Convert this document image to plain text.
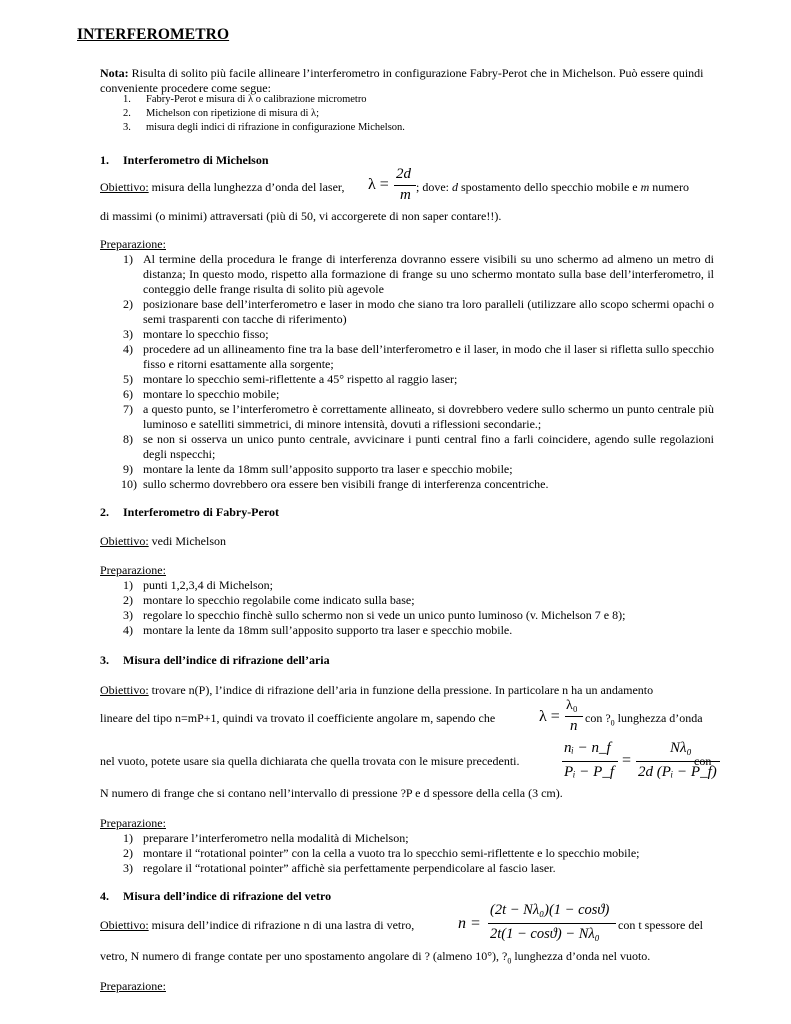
INTERFEROMETRO
Nota: Risulta di solito più facile allineare l’interferometro in configurazione Fabry-Perot che in Michelson. Può essere quindi conveniente procedere come segue:
1. Fabry-Perot e misura di λ o calibrazione micrometro
2. Michelson con ripetizione di misura di λ;
3. misura degli indici di rifrazione in configurazione Michelson.
1. Interferometro di Michelson
Obiettivo: misura della lunghezza d’onda del laser, λ =
2d
m ; dove: d spostamento dello specchio mobile e m numero
di massimi (o minimi) attraversati (più di 50, vi accorgerete di non saper contare!!).
Preparazione:
1) Al termine della procedura le frange di interferenza dovranno essere visibili su uno schermo ad almeno un metro di distanza; In questo modo, rispetto alla formazione di frange su uno schermo montato sulla base dell’interferometro, il conteggio delle frange risulta di solito più agevole
2) posizionare base dell’interferometro e laser in modo che siano tra loro paralleli (utilizzare allo scopo schermi opachi o semi trasparenti con tacche di riferimento)
3) montare lo specchio fisso;
4) procedere ad un allineamento fine tra la base dell’interferometro e il laser, in modo che il laser si rifletta sullo specchio fisso e ritorni esattamente alla sorgente;
5) montare lo specchio semi-riflettente a 45° rispetto al raggio laser;
6) montare lo specchio mobile;
7) a questo punto, se l’interferometro è correttamente allineato, si dovrebbero vedere sullo schermo un punto centrale più luminoso e satelliti simmetrici, di minore intensità, dovuti a riflessioni secondarie.;
8) se non si osserva un unico punto centrale, avvicinare i punti central fino a farli coincidere, agendo sulle regolazioni degli nspecchi;
9) montare la lente da 18mm sull’apposito supporto tra laser e specchio mobile;
10) sullo schermo dovrebbero ora essere ben visibili frange di interferenza concentriche.
2. Interferometro di Fabry-Perot
Obiettivo: vedi Michelson
Preparazione:
1) punti 1,2,3,4 di Michelson;
2) montare lo specchio regolabile come indicato sulla base;
3) regolare lo specchio finchè sullo schermo non si vede un unico punto luminoso (v. Michelson 7 e 8);
4) montare la lente da 18mm sull’apposito supporto tra laser e specchio mobile.
3. Misura dell’indice di rifrazione dell’aria
Obiettivo: trovare n(P), l’indice di rifrazione dell’aria in funzione della pressione. In particolare n ha un andamento
lineare del tipo n=mP+1, quindi va trovato il coefficiente angolare m, sapendo che	λ =
λ₀
n con $?_0$ lunghezza d’onda
nel vuoto, potete usare sia quella dichiarata che quella trovata con le misure precedenti.
nᵢ − n_f
Pᵢ − P_f
=
Nλ₀
2d (Pᵢ − P_f)
con
N numero di frange che si contano nell’intervallo di pressione ?P e d spessore della cella (3 cm).
Preparazione:
1) preparare l’interferometro nella modalità di Michelson;
2) montare il “rotational pointer” con la cella a vuoto tra lo specchio semi-riflettente e lo specchio mobile;
3) regolare il “rotational pointer” affichè sia perfettamente perpendicolare al fascio laser.
4. Misura dell’indice di rifrazione del vetro
Obiettivo: misura dell’indice di rifrazione n di una lastra di vetro,	n =
(2t − Nλ₀)(1 − cosϑ)
2t(1 − cosϑ) − Nλ₀
con t spessore del
vetro, N numero di frange contate per uno spostamento angolare di ? (almeno 10°), $?_0$ lunghezza d’onda nel vuoto.
Preparazione:
